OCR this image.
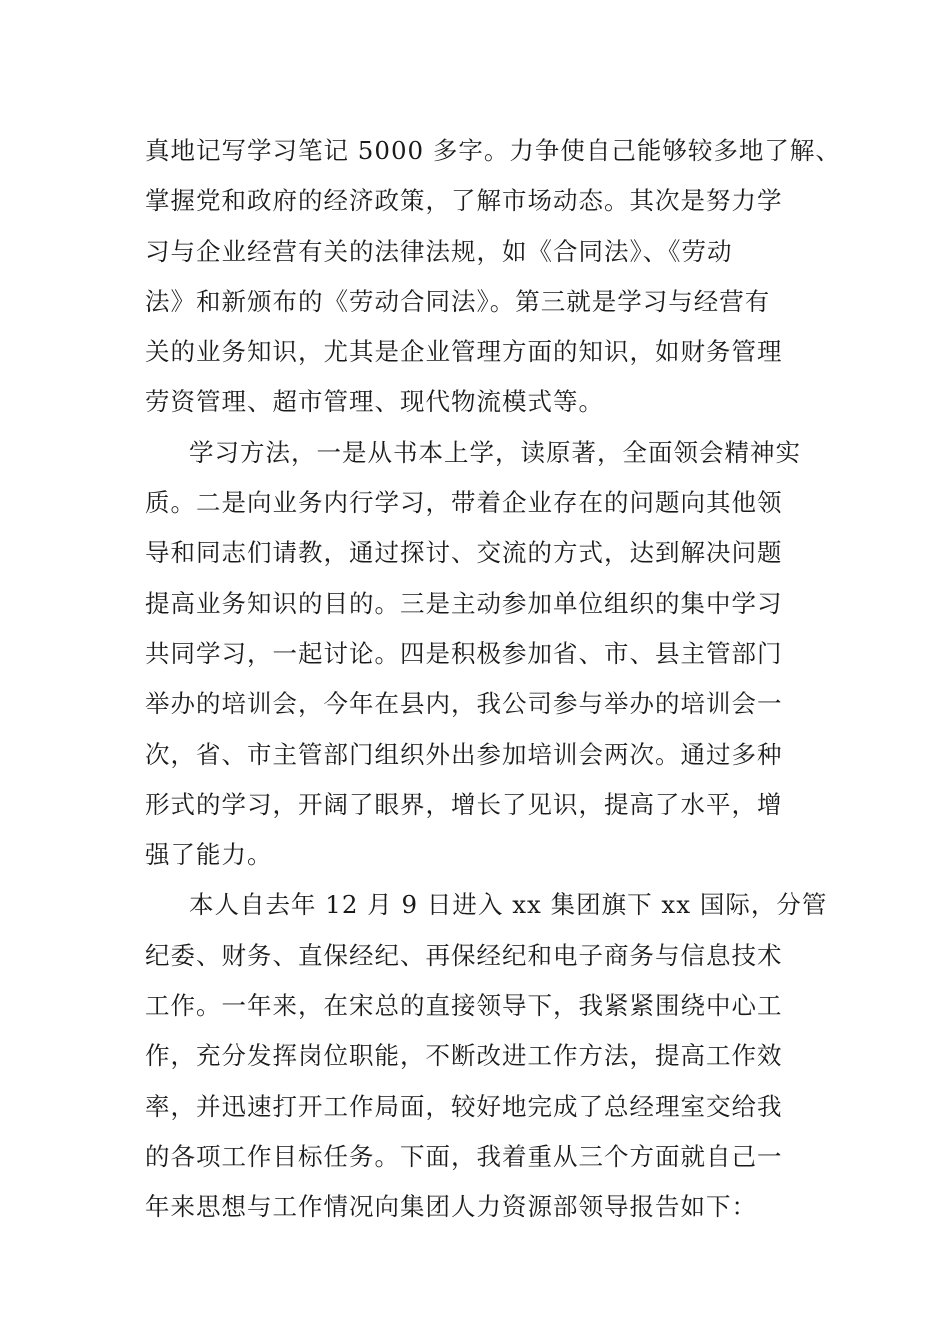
真地记写学习笔记 5000 多字。力争使自己能够较多地了解、
掌握党和政府的经济政策，了解市场动态。其次是努力学
习与企业经营有关的法律法规，如《合同法》、《劳动
法》和新颁布的《劳动合同法》。第三就是学习与经营有
关的业务知识，尤其是企业管理方面的知识，如财务管理
劳资管理、超市管理、现代物流模式等。
学习方法，一是从书本上学，读原著，全面领会精神实
质。二是向业务内行学习，带着企业存在的问题向其他领
导和同志们请教，通过探讨、交流的方式，达到解决问题
提高业务知识的目的。三是主动参加单位组织的集中学习
共同学习，一起讨论。四是积极参加省、市、县主管部门
举办的培训会，今年在县内，我公司参与举办的培训会一
次，省、市主管部门组织外出参加培训会两次。通过多种
形式的学习，开阔了眼界，增长了见识，提高了水平，增
强了能力。
本人自去年 12 月 9 日进入 xx 集团旗下 xx 国际，分管
纪委、财务、直保经纪、再保经纪和电子商务与信息技术
工作。一年来，在宋总的直接领导下，我紧紧围绕中心工
作，充分发挥岗位职能，不断改进工作方法，提高工作效
率，并迅速打开工作局面，较好地完成了总经理室交给我
的各项工作目标任务。下面，我着重从三个方面就自己一
年来思想与工作情况向集团人力资源部领导报告如下：
